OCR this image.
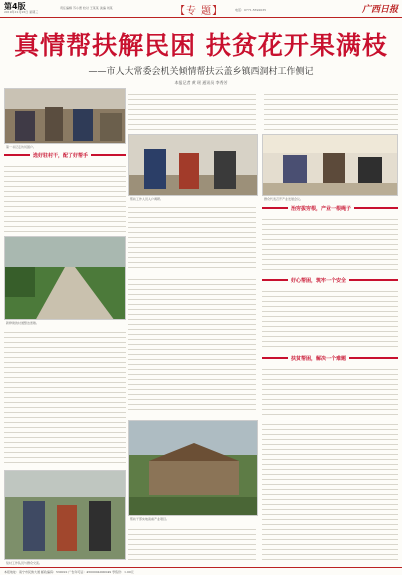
第4版
2019年12月25日 星期三
责任编辑 苏小惠 校对 王某某 美编 刘某	【专 题】	电话：0771-5592035	广西日报
真情帮扶解民困 扶贫花开果满枝
——市人大常委会机关倾情帮扶云盖乡镇西洞村工作侧记
本报记者 黄 瑶 通讯员 李秀芳
第一书记走访贫困户。
帮扶工作人员入户调研。	群众代表召开产业发展会议。
选好驻村干，配了好帮手
新修建的村道整洁宽敞。
治穷拔穷根，产业一根绳子
好心帮困，筑牢一个安全
扶贫帮困，解决一个难题
驻村工作队员与群众交流。
帮扶干部实地查看产业项目。
本报地址：南宁市民族大道 邮政编码：530022 广告许可证：4500004000049 零售价：1.00元
